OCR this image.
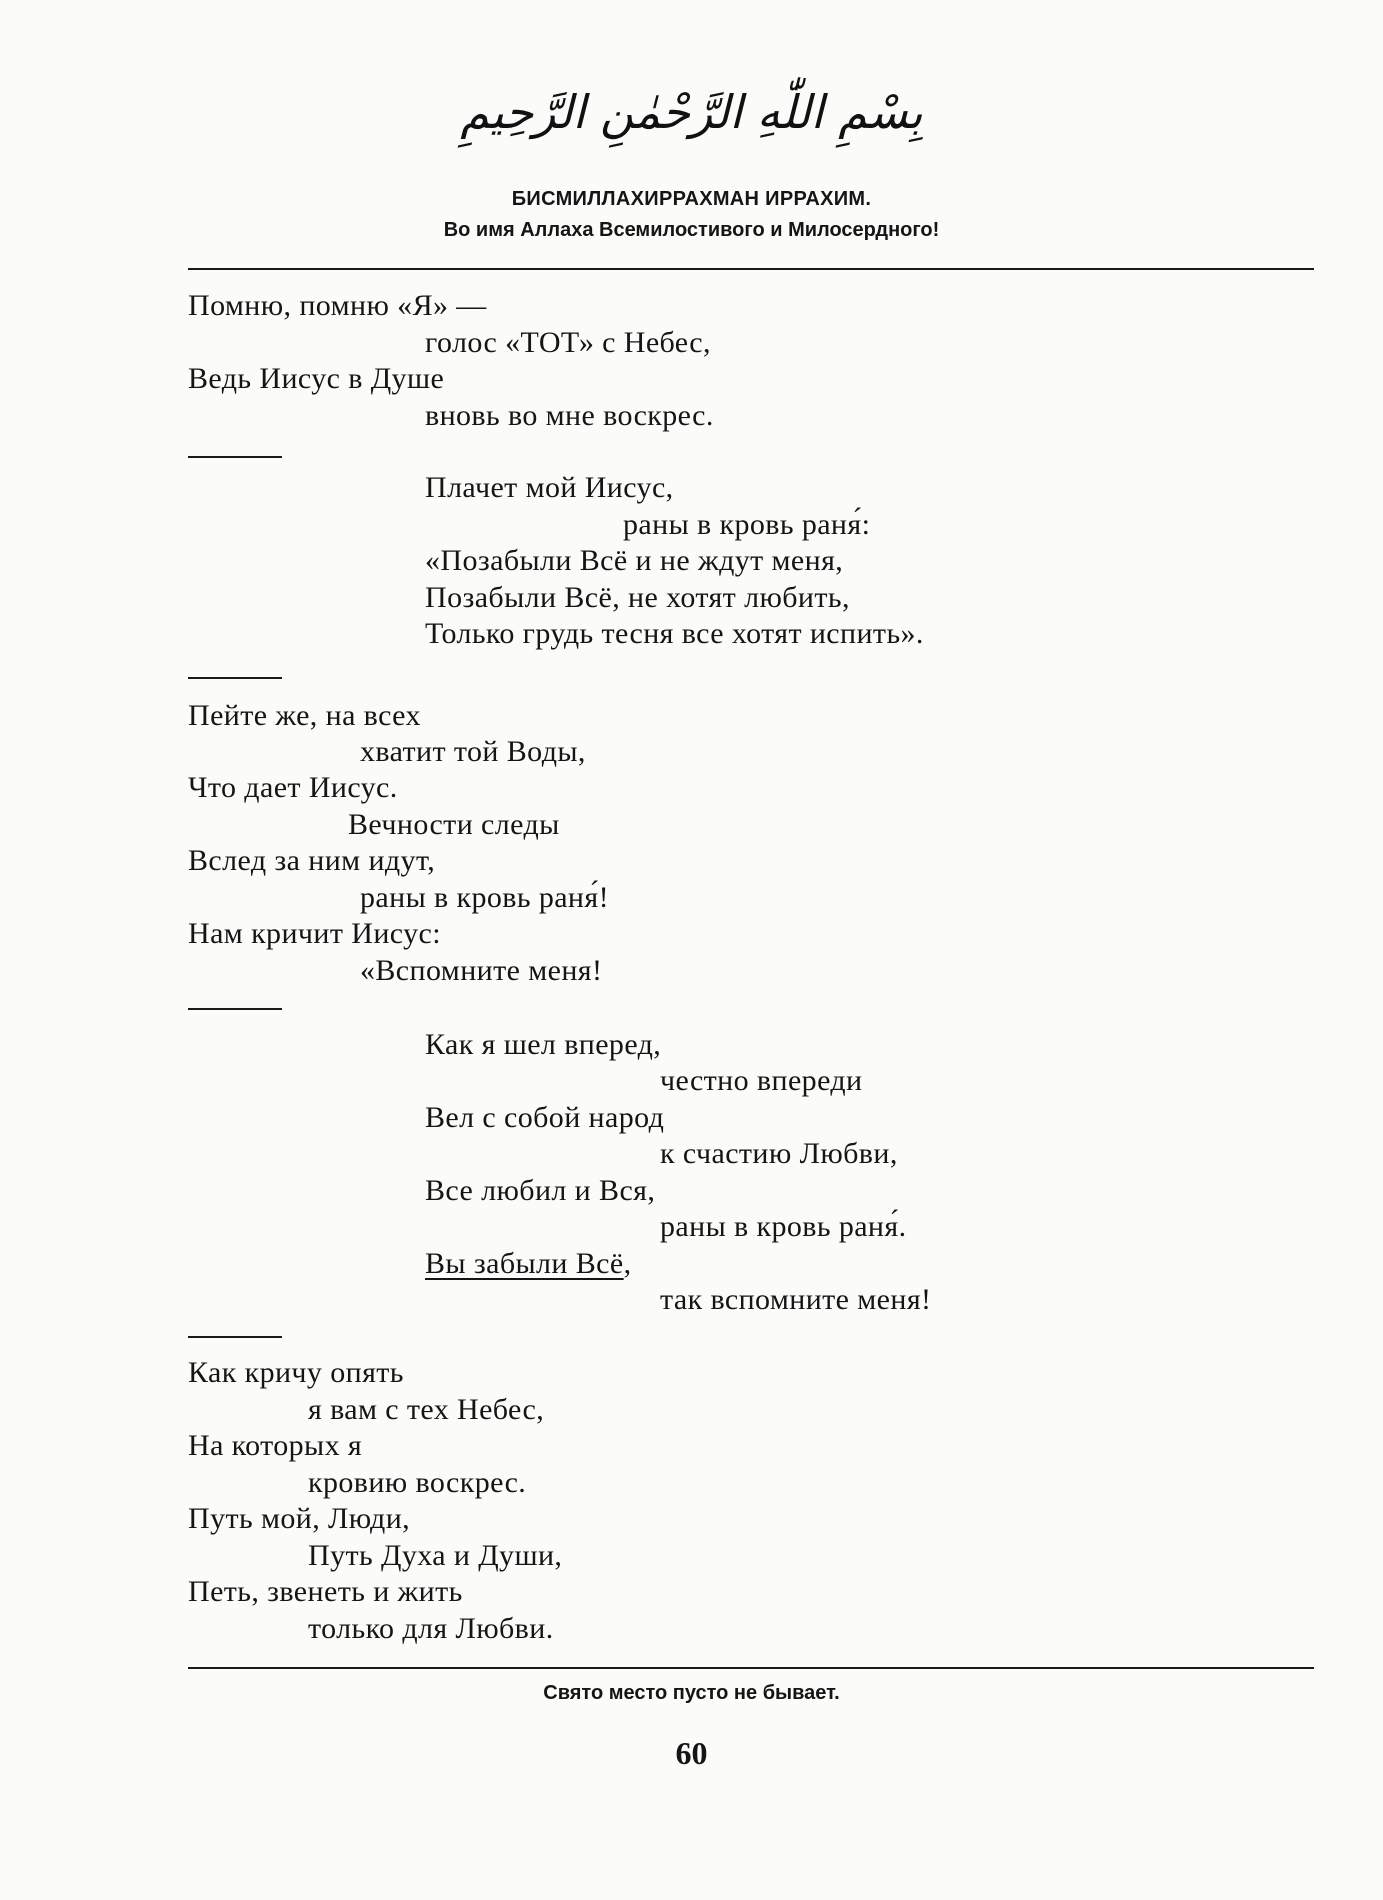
بِسْمِ اللّٰهِ الرَّحْمٰنِ الرَّحِيمِ
БИСМИЛЛАХИРРАХМАН ИРРАХИМ.
Во имя Аллаха Всемилостивого и Милосердного!
Помню, помню «Я» —
голос «ТОТ» с Небес,
Ведь Иисус в Душе
вновь во мне воскрес.
Плачет мой Иисус,
раны в кровь раня́:
«Позабыли Всё и не ждут меня,
Позабыли Всё, не хотят любить,
Только грудь тесня все хотят испить».
Пейте же, на всех
хватит той Воды,
Что дает Иисус.
Вечности следы
Вслед за ним идут,
раны в кровь раня́!
Нам кричит Иисус:
«Вспомните меня!
Как я шел вперед,
честно впереди
Вел с собой народ
к счастию Любви,
Все любил и Вся,
раны в кровь раня́.
Вы забыли Всё,
так вспомните меня!
Как кричу опять
я вам с тех Небес,
На которых я
кровию воскрес.
Путь мой, Люди,
Путь Духа и Души,
Петь, звенеть и жить
только для Любви.
Свято место пусто не бывает.
60
